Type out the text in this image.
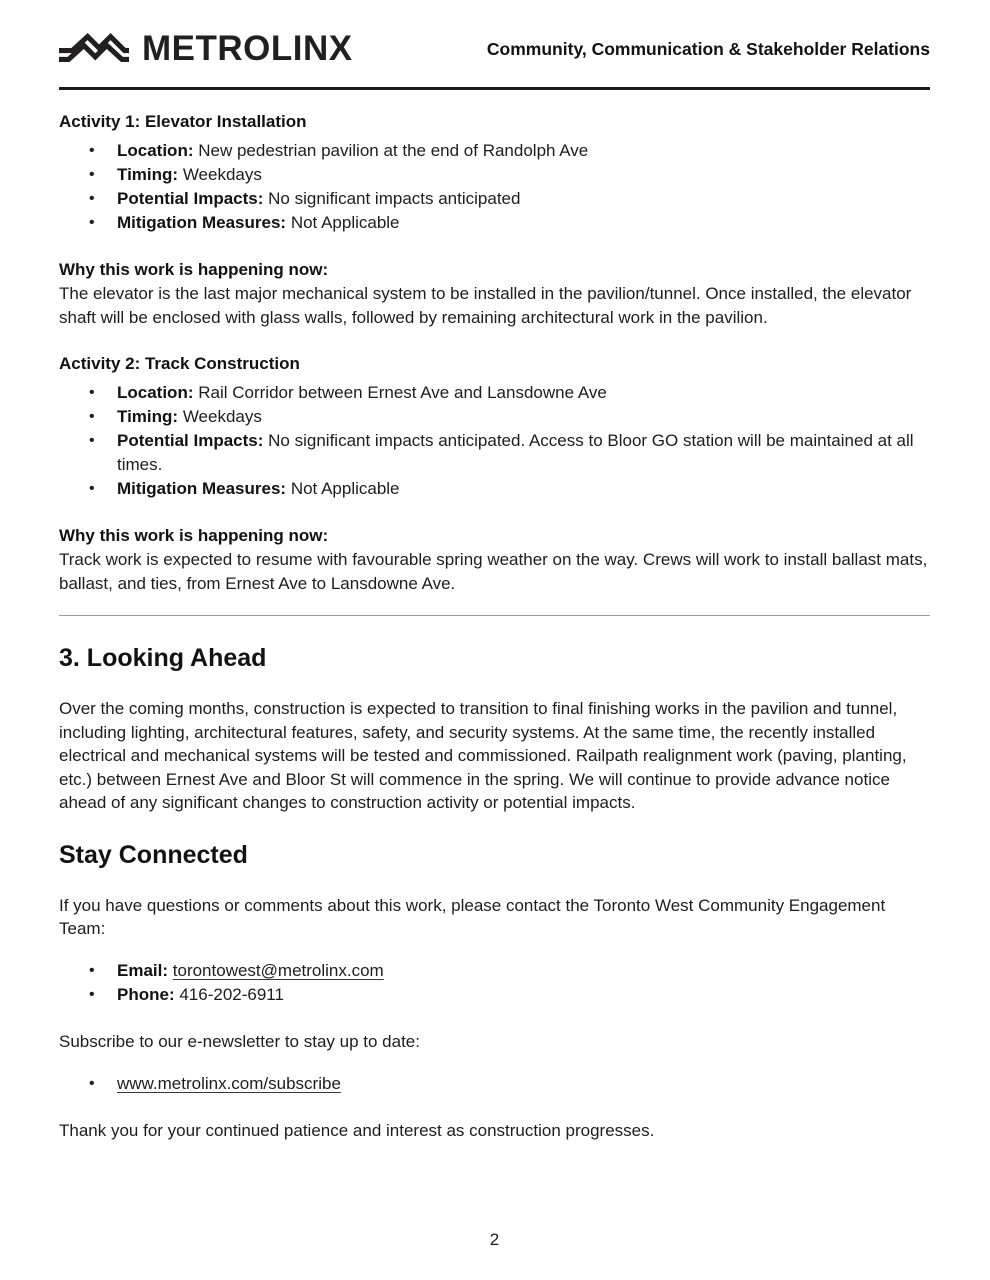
METROLINX	Community, Communication & Stakeholder Relations
Activity 1: Elevator Installation
• Location: New pedestrian pavilion at the end of Randolph Ave
• Timing: Weekdays
• Potential Impacts: No significant impacts anticipated
• Mitigation Measures: Not Applicable

Why this work is happening now:

The elevator is the last major mechanical system to be installed in the pavilion/tunnel. Once installed, the elevator shaft will be enclosed with glass walls, followed by remaining architectural work in the pavilion.

Activity 2: Track Construction
• Location: Rail Corridor between Ernest Ave and Lansdowne Ave
• Timing: Weekdays
• Potential Impacts: No significant impacts anticipated. Access to Bloor GO station will be maintained at all times.
• Mitigation Measures: Not Applicable

Why this work is happening now:

Track work is expected to resume with favourable spring weather on the way. Crews will work to install ballast mats, ballast, and ties, from Ernest Ave to Lansdowne Ave.

3. Looking Ahead

Over the coming months, construction is expected to transition to final finishing works in the pavilion and tunnel, including lighting, architectural features, safety, and security systems. At the same time, the recently installed electrical and mechanical systems will be tested and commissioned. Railpath realignment work (paving, planting, etc.) between Ernest Ave and Bloor St will commence in the spring. We will continue to provide advance notice ahead of any significant changes to construction activity or potential impacts.

Stay Connected

If you have questions or comments about this work, please contact the Toronto West Community Engagement Team:

• Email: torontowest@metrolinx.com
• Phone: 416-202-6911

Subscribe to our e-newsletter to stay up to date:

• www.metrolinx.com/subscribe

Thank you for your continued patience and interest as construction progresses.

2
